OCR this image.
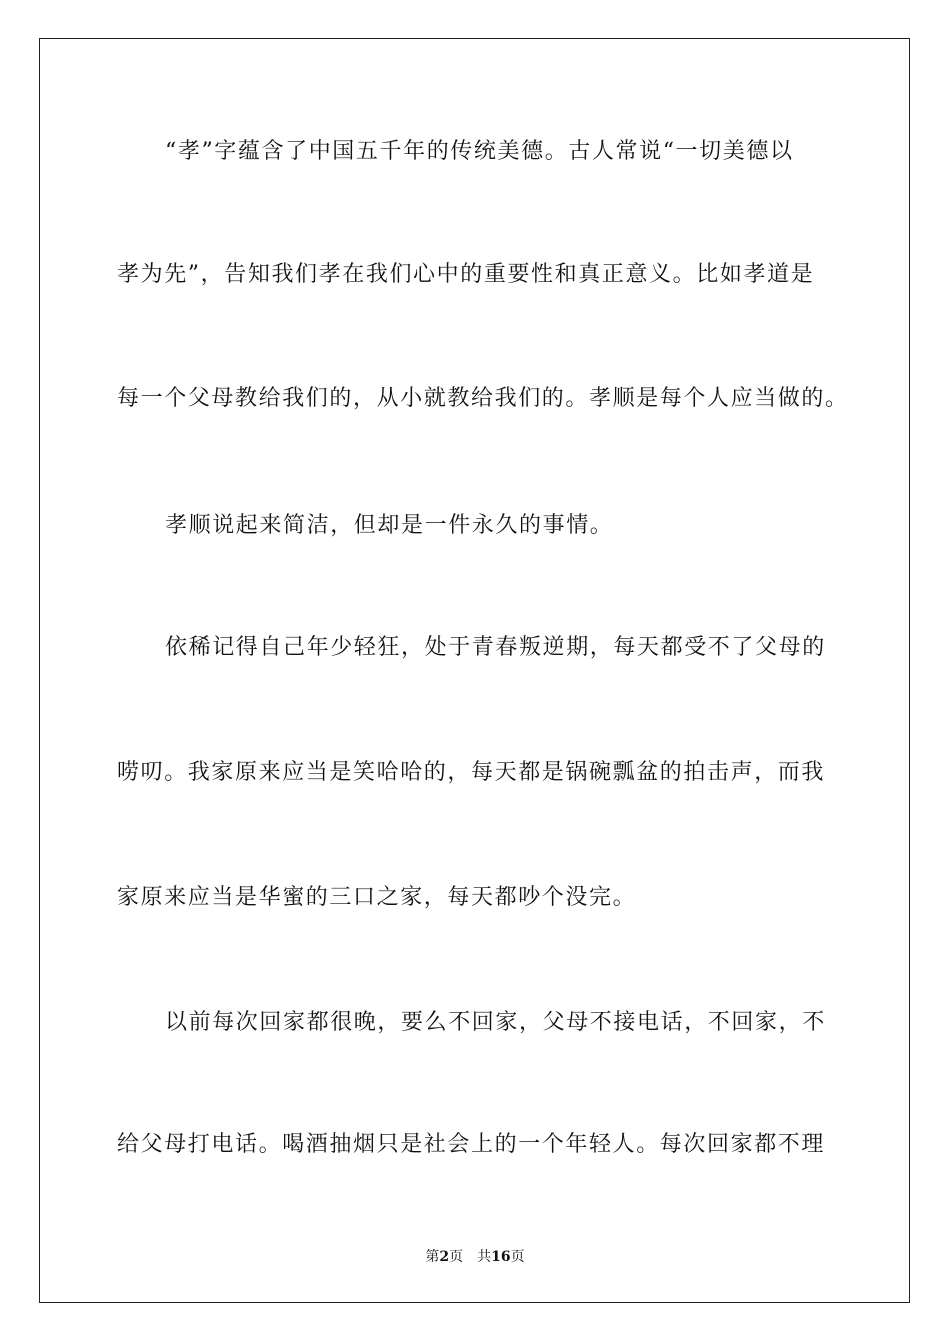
“孝”字蕴含了中国五千年的传统美德。古人常说“一切美德以
孝为先”，告知我们孝在我们心中的重要性和真正意义。比如孝道是
每一个父母教给我们的，从小就教给我们的。孝顺是每个人应当做的。
孝顺说起来简洁，但却是一件永久的事情。
依稀记得自己年少轻狂，处于青春叛逆期，每天都受不了父母的
唠叨。我家原来应当是笑哈哈的，每天都是锅碗瓢盆的拍击声，而我
家原来应当是华蜜的三口之家，每天都吵个没完。
以前每次回家都很晚，要么不回家，父母不接电话，不回家，不
给父母打电话。喝酒抽烟只是社会上的一个年轻人。每次回家都不理
第2页 共16页
